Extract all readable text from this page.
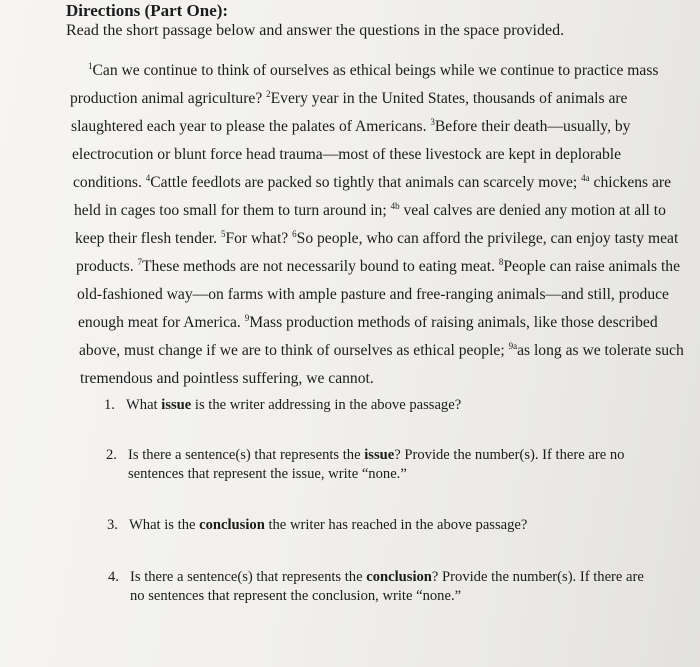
Directions (Part One):
Read the short passage below and answer the questions in the space provided.
$^1$Can we continue to think of ourselves as ethical beings while we continue to practice mass
production animal agriculture? $^2$Every year in the United States, thousands of animals are
slaughtered each year to please the palates of Americans. $^3$Before their death—usually, by
electrocution or blunt force head trauma—most of these livestock are kept in deplorable
conditions. $^4$Cattle feedlots are packed so tightly that animals can scarcely move; $^{4a}$ chickens are
held in cages too small for them to turn around in; $^{4b}$ veal calves are denied any motion at all to
keep their flesh tender. $^5$For what? $^6$So people, who can afford the privilege, can enjoy tasty meat
products. $^7$These methods are not necessarily bound to eating meat. $^8$People can raise animals the
old-fashioned way—on farms with ample pasture and free-ranging animals—and still, produce
enough meat for America. $^9$Mass production methods of raising animals, like those described
above, must change if we are to think of ourselves as ethical people; $^{9a}$as long as we tolerate such
tremendous and pointless suffering, we cannot.
1. What issue is the writer addressing in the above passage?
2. Is there a sentence(s) that represents the issue? Provide the number(s). If there are no
sentences that represent the issue, write “none.”
3. What is the conclusion the writer has reached in the above passage?
4. Is there a sentence(s) that represents the conclusion? Provide the number(s). If there are
no sentences that represent the conclusion, write “none.”
